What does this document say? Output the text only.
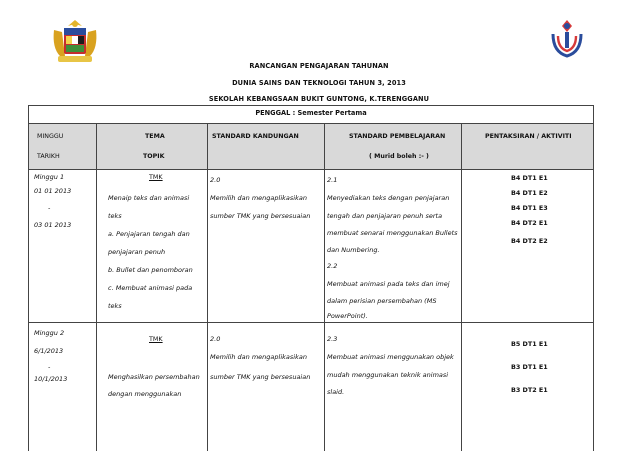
RANCANGAN PENGAJARAN TAHUNAN
DUNIA SAINS DAN TEKNOLOGI TAHUN 3, 2013
SEKOLAH KEBANGSAAN BUKIT GUNTONG, K.TERENGGANU
PENGGAL : Semester Pertama
MINGGU
TARIKH
TEMA
TOPIK
STANDARD KANDUNGAN	STANDARD PEMBELAJARAN
( Murid boleh :- )
PENTAKSIRAN / AKTIVITI
Minggu 1
01 01 2013
-
03 01 2013
TMK
Menaip teks dan animasi
teks
a. Penjajaran tengah dan
penjajaran penuh
b. Bullet dan penomboran
c. Membuat animasi pada
teks
2.0
Memilih dan mengaplikasikan
sumber TMK yang bersesuaian
2.1
Menyediakan teks dengan penjajaran
tengah dan penjajaran penuh serta
membuat senarai menggunakan Bullets
dan Numbering.
2.2
Membuat animasi pada teks dan imej
dalam perisian persembahan (MS
PowerPoint).
B4 DT1 E1
B4 DT1 E2
B4 DT1 E3
B4 DT2 E1
B4 DT2 E2
Minggu 2
6/1/2013
-
10/1/2013
TMK
Menghasilkan persembahan
dengan menggunakan
2.0
Memilih dan mengaplikasikan
sumber TMK yang bersesuaian
2.3
Membuat animasi menggunakan objek
mudah menggunakan teknik animasi
slaid.
B5 DT1 E1
B3 DT1 E1
B3 DT2 E1
